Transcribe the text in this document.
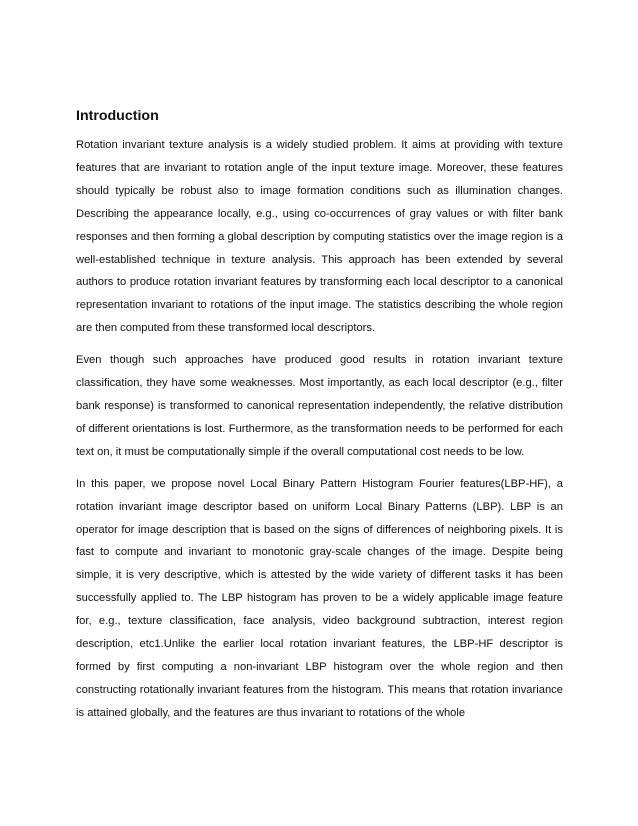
Introduction

Rotation invariant texture analysis is a widely studied problem. It aims at providing with texture features that are invariant to rotation angle of the input texture image. Moreover, these features should typically be robust also to image formation conditions such as illumination changes. Describing the appearance locally, e.g., using co-occurrences of gray values or with filter bank responses and then forming a global description by computing statistics over the image region is a well-established technique in texture analysis. This approach has been extended by several authors to produce rotation invariant features by transforming each local descriptor to a canonical representation invariant to rotations of the input image. The statistics describing the whole region are then computed from these transformed local descriptors.

Even though such approaches have produced good results in rotation invariant texture classification, they have some weaknesses. Most importantly, as each local descriptor (e.g., filter bank response) is transformed to canonical representation independently, the relative distribution of different orientations is lost. Furthermore, as the transformation needs to be performed for each text on, it must be computationally simple if the overall computational cost needs to be low.

In this paper, we propose novel Local Binary Pattern Histogram Fourier features(LBP-HF), a rotation invariant image descriptor based on uniform Local Binary Patterns (LBP). LBP is an operator for image description that is based on the signs of differences of neighboring pixels. It is fast to compute and invariant to monotonic gray-scale changes of the image. Despite being simple, it is very descriptive, which is attested by the wide variety of different tasks it has been successfully applied to. The LBP histogram has proven to be a widely applicable image feature for, e.g., texture classification, face analysis, video background subtraction, interest region description, etc1.Unlike the earlier local rotation invariant features, the LBP-HF descriptor is formed by first computing a non-invariant LBP histogram over the whole region and then constructing rotationally invariant features from the histogram. This means that rotation invariance is attained globally, and the features are thus invariant to rotations of the whole
